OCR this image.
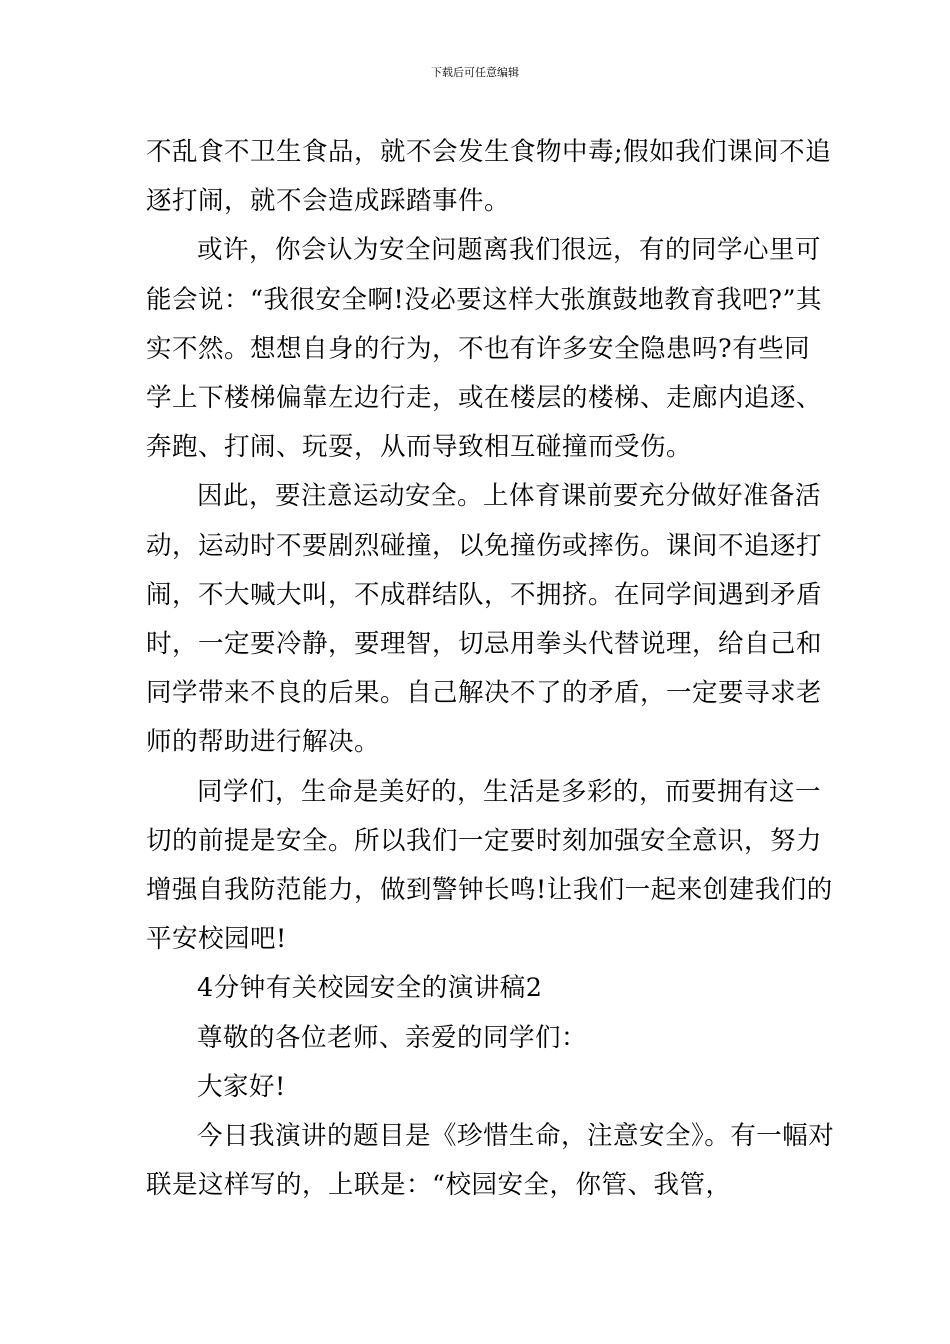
下载后可任意编辑

不乱食不卫生食品，就不会发生食物中毒;假如我们课间不追逐打闹，就不会造成踩踏事件。

或许，你会认为安全问题离我们很远，有的同学心里可能会说：“我很安全啊!没必要这样大张旗鼓地教育我吧?”其实不然。想想自身的行为，不也有许多安全隐患吗?有些同学上下楼梯偏靠左边行走，或在楼层的楼梯、走廊内追逐、奔跑、打闹、玩耍，从而导致相互碰撞而受伤。

因此，要注意运动安全。上体育课前要充分做好准备活动，运动时不要剧烈碰撞，以免撞伤或摔伤。课间不追逐打闹，不大喊大叫，不成群结队，不拥挤。在同学间遇到矛盾时，一定要冷静，要理智，切忌用拳头代替说理，给自己和同学带来不良的后果。自己解决不了的矛盾，一定要寻求老师的帮助进行解决。

同学们，生命是美好的，生活是多彩的，而要拥有这一切的前提是安全。所以我们一定要时刻加强安全意识，努力增强自我防范能力，做到警钟长鸣!让我们一起来创建我们的平安校园吧!

4分钟有关校园安全的演讲稿2

尊敬的各位老师、亲爱的同学们：

大家好!

今日我演讲的题目是《珍惜生命，注意安全》。有一幅对联是这样写的，上联是：“校园安全，你管、我管，
